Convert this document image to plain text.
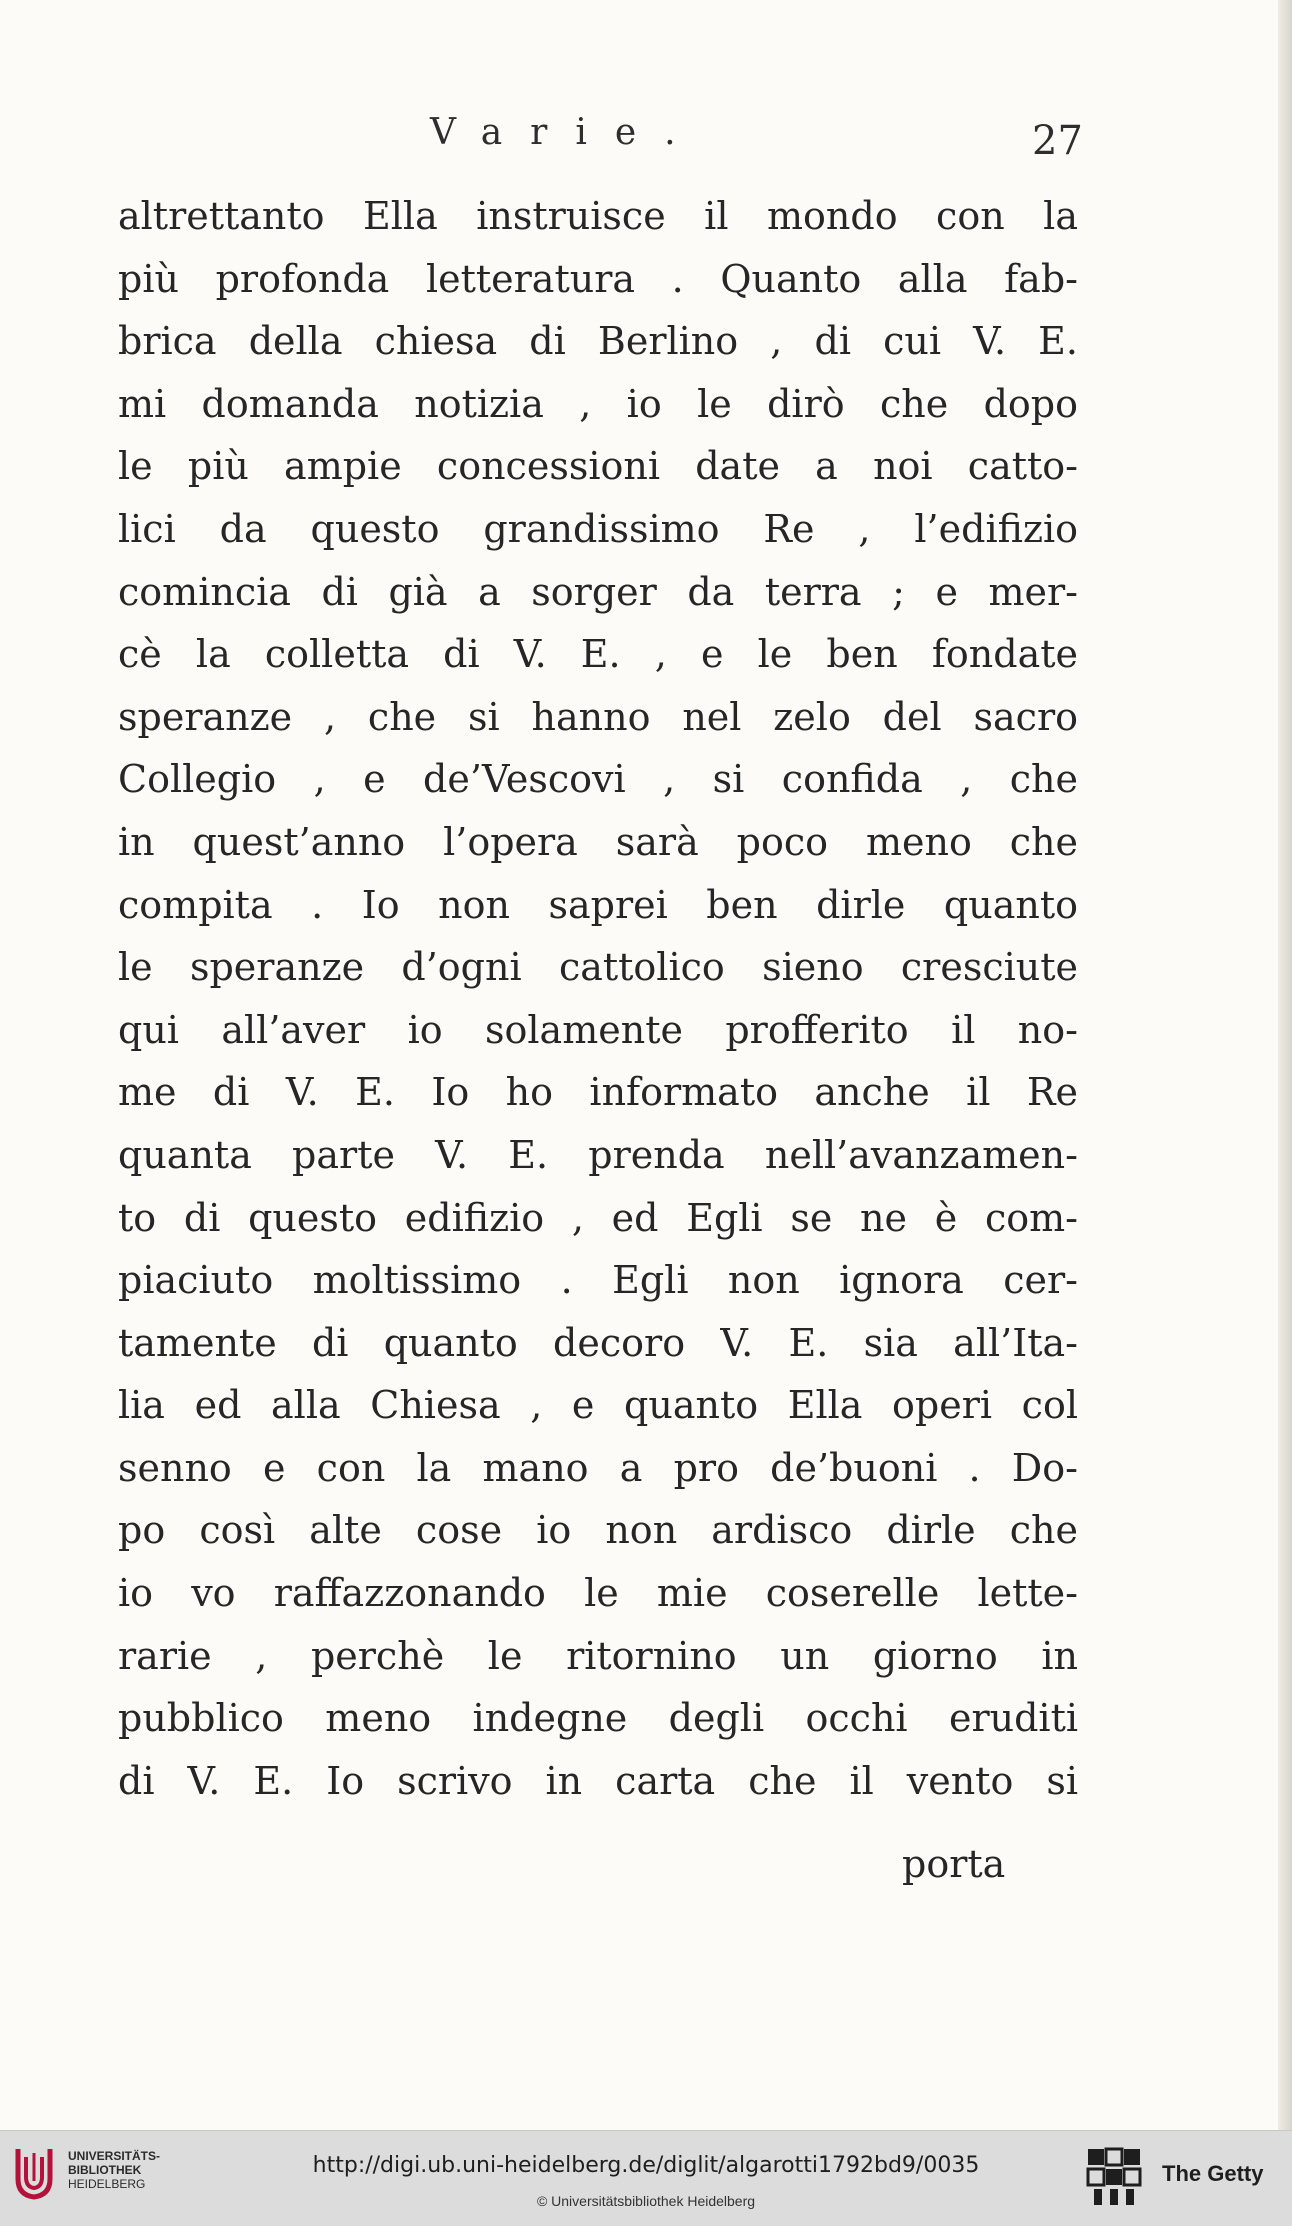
Varie.	27
altrettanto Ella instruisce il mondo con la
più profonda letteratura . Quanto alla fab-
brica della chiesa di Berlino , di cui V. E.
mi domanda notizia , io le dirò che dopo
le più ampie concessioni date a noi catto-
lici da questo grandissimo Re , l’edifizio
comincia di già a sorger da terra ; e mer-
cè la colletta di V. E. , e le ben fondate
speranze , che si hanno nel zelo del sacro
Collegio , e de’Vescovi , si confida , che
in quest’anno l’opera sarà poco meno che
compita . Io non saprei ben dirle quanto
le speranze d’ogni cattolico sieno cresciute
qui all’aver io solamente profferito il no-
me di V. E. Io ho informato anche il Re
quanta parte V. E. prenda nell’avanzamen-
to di questo edifizio , ed Egli se ne è com-
piaciuto moltissimo . Egli non ignora cer-
tamente di quanto decoro V. E. sia all’Ita-
lia ed alla Chiesa , e quanto Ella operi col
senno e con la mano a pro de’buoni . Do-
po così alte cose io non ardisco dirle che
io vo raffazzonando le mie coserelle lette-
rarie , perchè le ritornino un giorno in
pubblico meno indegne degli occhi eruditi
di V. E. Io scrivo in carta che il vento si
porta
UNIVERSITÄTS-
BIBLIOTHEK
HEIDELBERG
http://digi.ub.uni-heidelberg.de/diglit/algarotti1792bd9/0035
© Universitätsbibliothek Heidelberg
The Getty
